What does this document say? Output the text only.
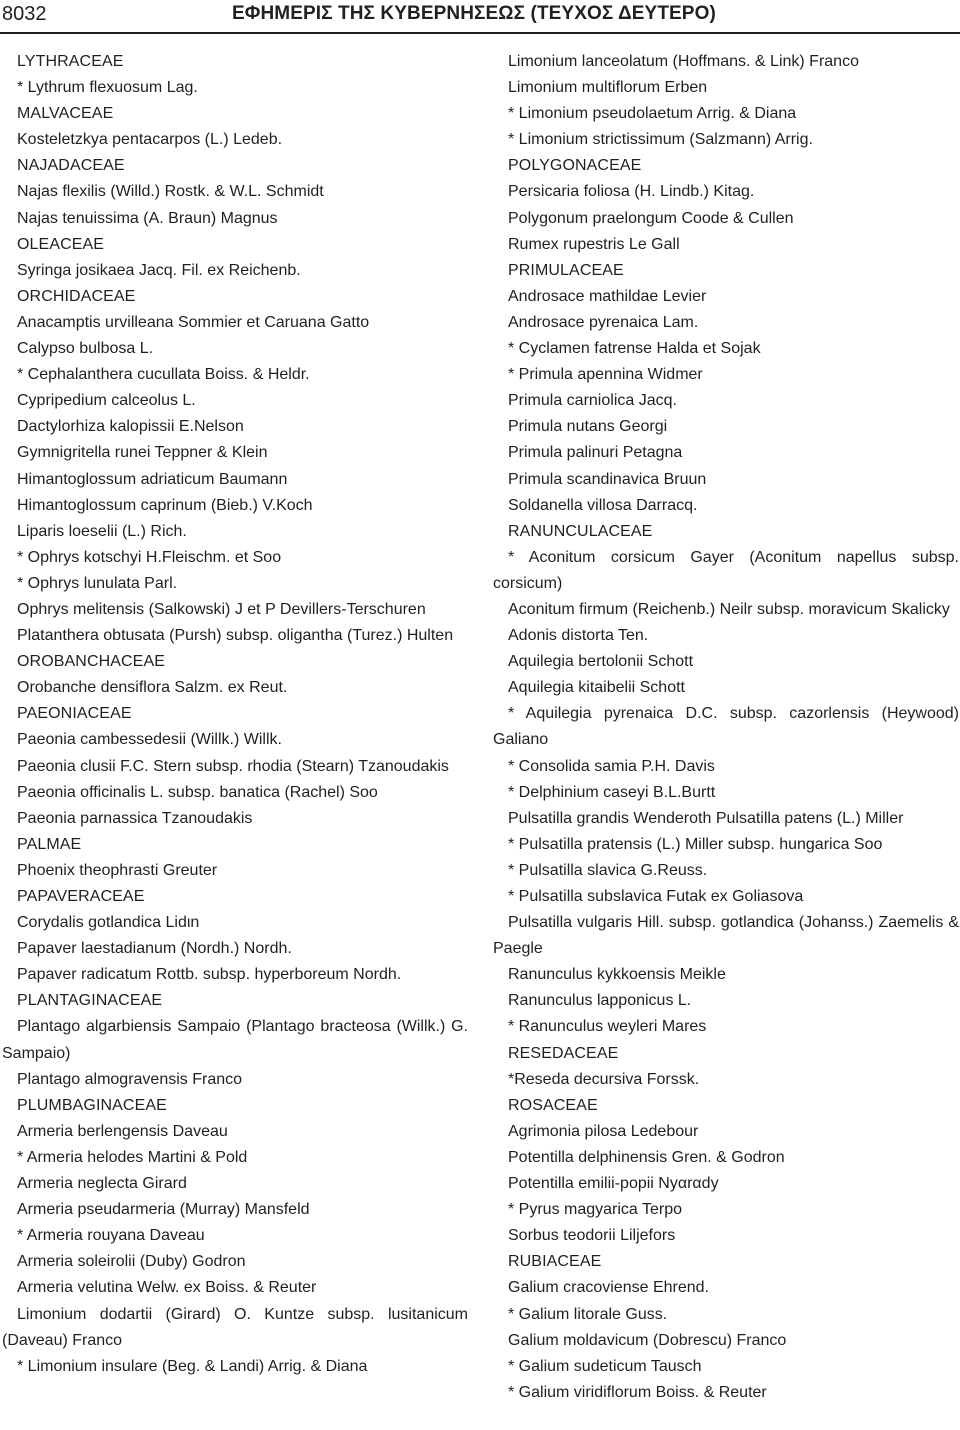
8032	ΕΦΗΜΕΡΙΣ ΤΗΣ ΚΥΒΕΡΝΗΣΕΩΣ (ΤΕΥΧΟΣ ΔΕΥΤΕΡΟ)

LYTHRACEAE

* Lythrum flexuosum Lag.

MALVACEAE

Kosteletzkya pentacarpos (L.) Ledeb.

NAJADACEAE

Najas flexilis (Willd.) Rostk. & W.L. Schmidt

Najas tenuissima (A. Braun) Magnus

OLEACEAE

Syringa josikaea Jacq. Fil. ex Reichenb.

ORCHIDACEAE

Anacamptis urvilleana Sommier et Caruana Gatto

Calypso bulbosa L.

* Cephalanthera cucullata Boiss. & Heldr.

Cypripedium calceolus L.

Dactylorhiza kalopissii E.Nelson

Gymnigritella runei Teppner & Klein

Himantoglossum adriaticum Baumann

Himantoglossum caprinum (Bieb.) V.Koch

Liparis loeselii (L.) Rich.

* Ophrys kotschyi H.Fleischm. et Soo

* Ophrys lunulata Parl.

Ophrys melitensis (Salkowski) J et P Devillers-Terschuren

Platanthera obtusata (Pursh) subsp. oligantha (Turez.) Hulten

OROBANCHACEAE

Orobanche densiflora Salzm. ex Reut.

PAEONIACEAE

Paeonia cambessedesii (Willk.) Willk.

Paeonia clusii F.C. Stern subsp. rhodia (Stearn) Tzanoudakis

Paeonia officinalis L. subsp. banatica (Rachel) Soo

Paeonia parnassica Tzanoudakis

PALMAE

Phoenix theophrasti Greuter

PAPAVERACEAE

Corydalis gotlandica Lidιn

Papaver laestadianum (Nordh.) Nordh.

Papaver radicatum Rottb. subsp. hyperboreum Nordh.

PLANTAGINACEAE

Plantago algarbiensis Sampaio (Plantago bracteosa (Willk.) G. Sampaio)

Plantago almogravensis Franco

PLUMBAGINACEAE

Armeria berlengensis Daveau

* Armeria helodes Martini & Pold

Armeria neglecta Girard

Armeria pseudarmeria (Murray) Mansfeld

* Armeria rouyana Daveau

Armeria soleirolii (Duby) Godron

Armeria velutina Welw. ex Boiss. & Reuter

Limonium dodartii (Girard) O. Kuntze subsp. lusitanicum (Daveau) Franco

* Limonium insulare (Beg. & Landi) Arrig. & Diana

Limonium lanceolatum (Hoffmans. & Link) Franco

Limonium multiflorum Erben

* Limonium pseudolaetum Arrig. & Diana

* Limonium strictissimum (Salzmann) Arrig.

POLYGONACEAE

Persicaria foliosa (H. Lindb.) Kitag.

Polygonum praelongum Coode & Cullen

Rumex rupestris Le Gall

PRIMULACEAE

Androsace mathildae Levier

Androsace pyrenaica Lam.

* Cyclamen fatrense Halda et Sojak

* Primula apennina Widmer

Primula carniolica Jacq.

Primula nutans Georgi

Primula palinuri Petagna

Primula scandinavica Bruun

Soldanella villosa Darracq.

RANUNCULACEAE

* Aconitum corsicum Gayer (Aconitum napellus subsp. corsicum)

Aconitum firmum (Reichenb.) Neilr subsp. moravicum Skalicky

Adonis distorta Ten.

Aquilegia bertolonii Schott

Aquilegia kitaibelii Schott

* Aquilegia pyrenaica D.C. subsp. cazorlensis (Heywood) Galiano

* Consolida samia P.H. Davis

* Delphinium caseyi B.L.Burtt

Pulsatilla grandis Wenderoth Pulsatilla patens (L.) Miller

* Pulsatilla pratensis (L.) Miller subsp. hungarica Soo

* Pulsatilla slavica G.Reuss.

* Pulsatilla subslavica Futak ex Goliasova

Pulsatilla vulgaris Hill. subsp. gotlandica (Johanss.) Zaemelis & Paegle

Ranunculus kykkoensis Meikle

Ranunculus lapponicus L.

* Ranunculus weyleri Mares

RESEDACEAE

*Reseda decursiva Forssk.

ROSACEAE

Agrimonia pilosa Ledebour

Potentilla delphinensis Gren. & Godron

Potentilla emilii-popii Nyαrαdy

* Pyrus magyarica Terpo

Sorbus teodorii Liljefors

RUBIACEAE

Galium cracoviense Ehrend.

* Galium litorale Guss.

Galium moldavicum (Dobrescu) Franco

* Galium sudeticum Tausch

* Galium viridiflorum Boiss. & Reuter
